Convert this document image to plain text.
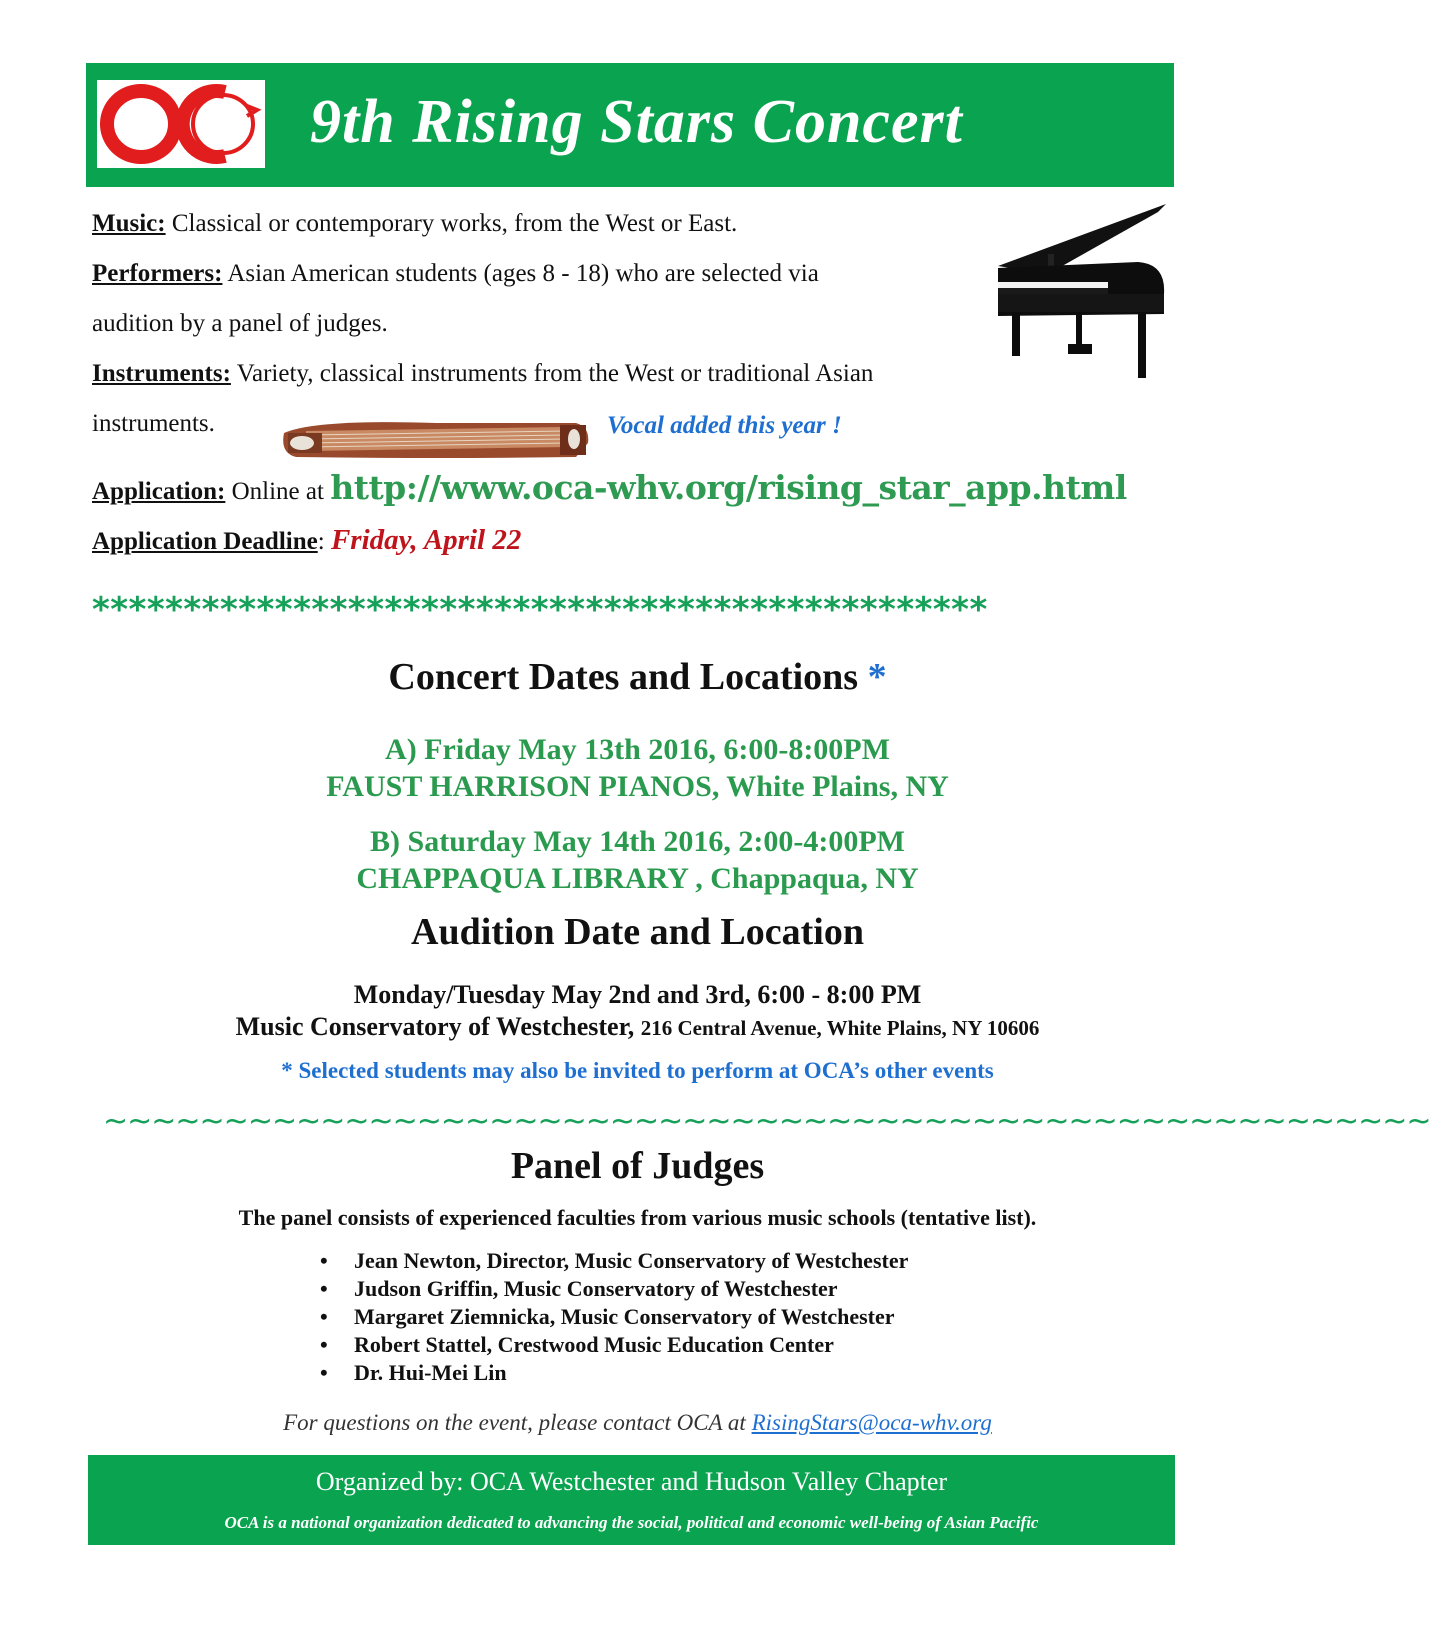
9th Rising Stars Concert
Music: Classical or contemporary works, from the West or East.
Performers: Asian American students (ages 8 - 18) who are selected via
audition by a panel of judges.
Instruments: Variety, classical instruments from the West or traditional Asian
instruments.	Vocal added this year !
Application: Online at http://www.oca-whv.org/rising_star_app.html
Application Deadline: Friday, April 22
*************************************************
Concert Dates and Locations *
A) Friday May 13th 2016, 6:00-8:00PM
FAUST HARRISON PIANOS, White Plains, NY
B) Saturday May 14th 2016, 2:00-4:00PM
CHAPPAQUA LIBRARY , Chappaqua, NY
Audition Date and Location
Monday/Tuesday May 2nd and 3rd, 6:00 - 8:00 PM
Music Conservatory of Westchester, 216 Central Avenue, White Plains, NY 10606
* Selected students may also be invited to perform at OCA’s other events
~~~~~~~~~~~~~~~~~~~~~~~~~~~~~~~~~~~~~~~~~~~~~~~~~~~~~~~
Panel of Judges
The panel consists of experienced faculties from various music schools (tentative list).
• Jean Newton, Director, Music Conservatory of Westchester
• Judson Griffin, Music Conservatory of Westchester
• Margaret Ziemnicka, Music Conservatory of Westchester
• Robert Stattel, Crestwood Music Education Center
• Dr. Hui-Mei Lin
For questions on the event, please contact OCA at RisingStars@oca-whv.org
Organized by: OCA Westchester and Hudson Valley Chapter
OCA is a national organization dedicated to advancing the social, political and economic well-being of Asian Pacific
